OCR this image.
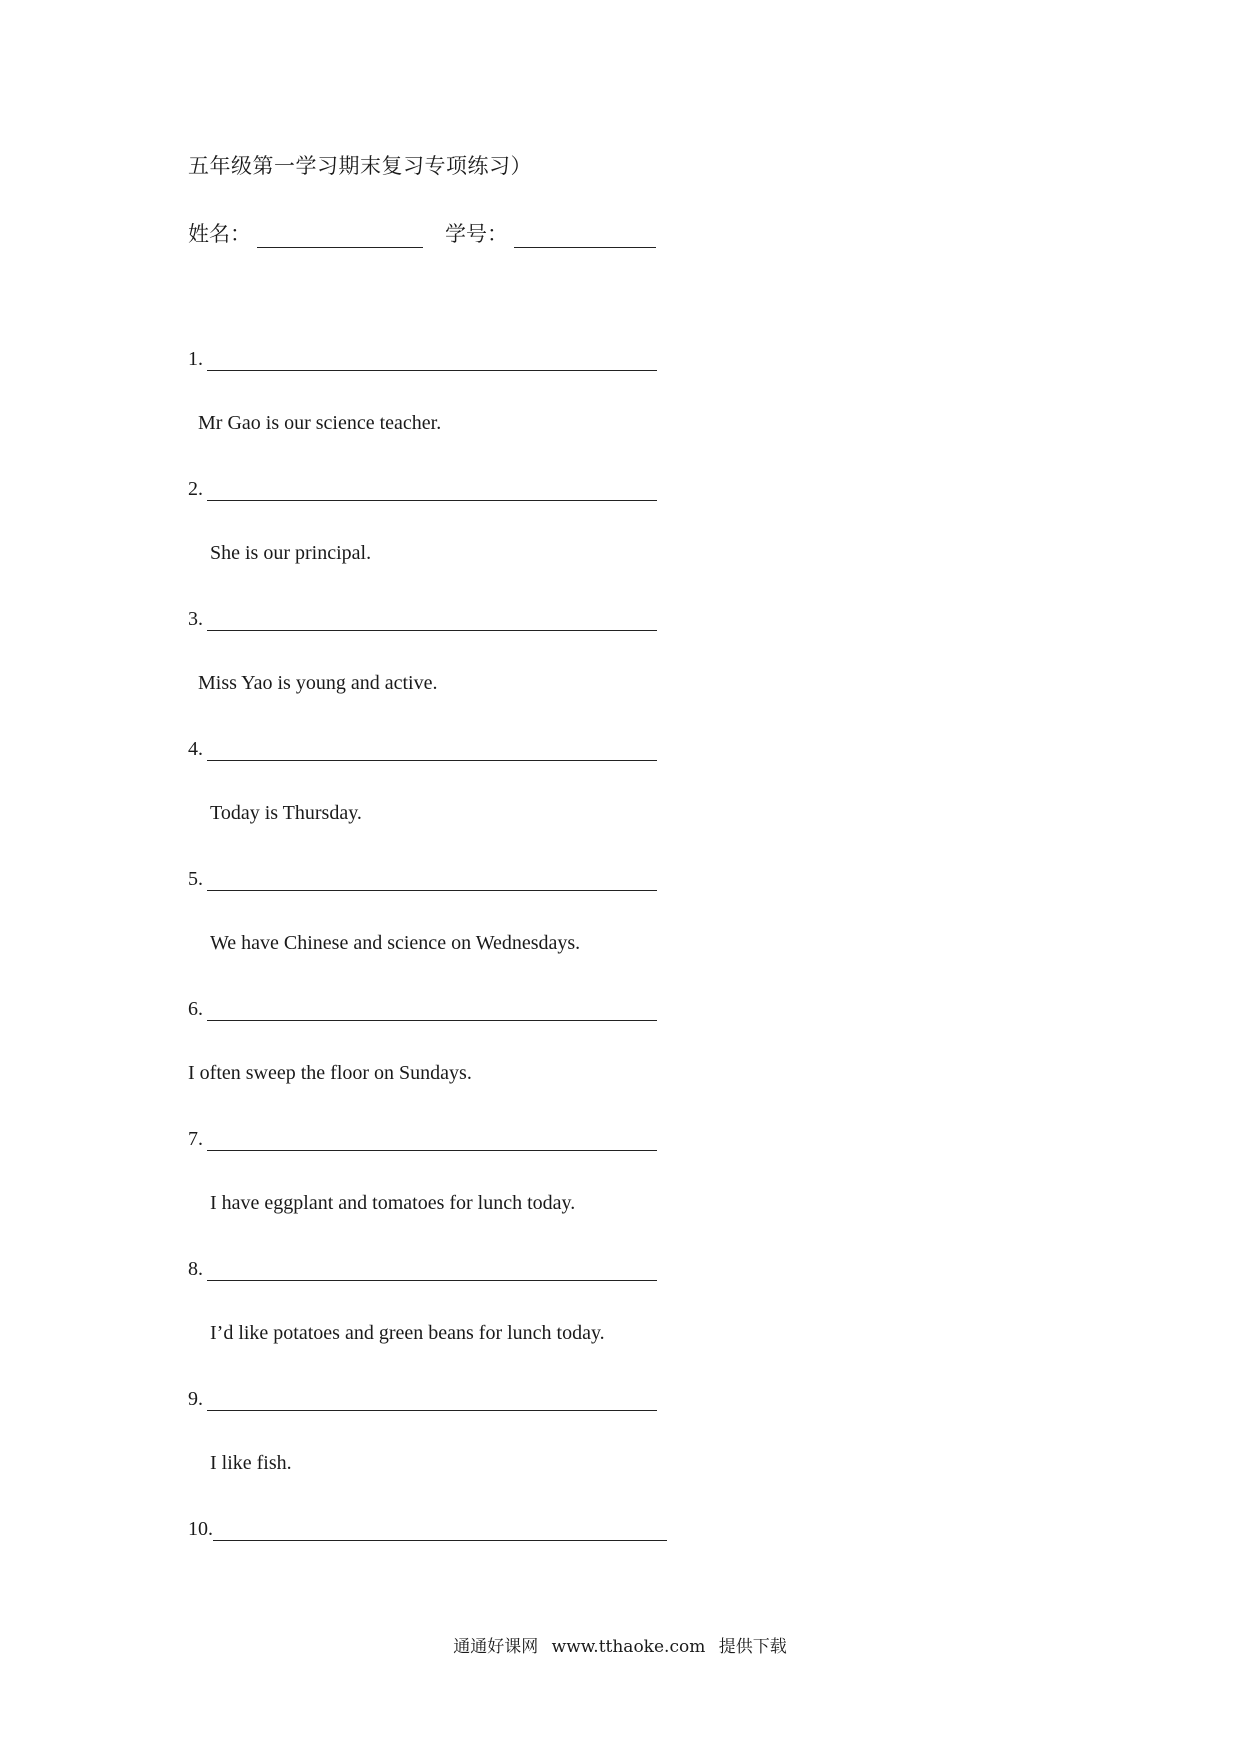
五年级第一学习期末复习专项练习）
姓名：	学号：
1.
Mr Gao is our science teacher.
2.
She is our principal.
3.
Miss Yao is young and active.
4.
Today is Thursday.
5.
We have Chinese and science on Wednesdays.
6.
I often sweep the floor on Sundays.
7.
I have eggplant and tomatoes for lunch today.
8.
I’d like potatoes and green beans for lunch today.
9.
I like fish.
10.
通通好课网 www.tthaoke.com 提供下载
